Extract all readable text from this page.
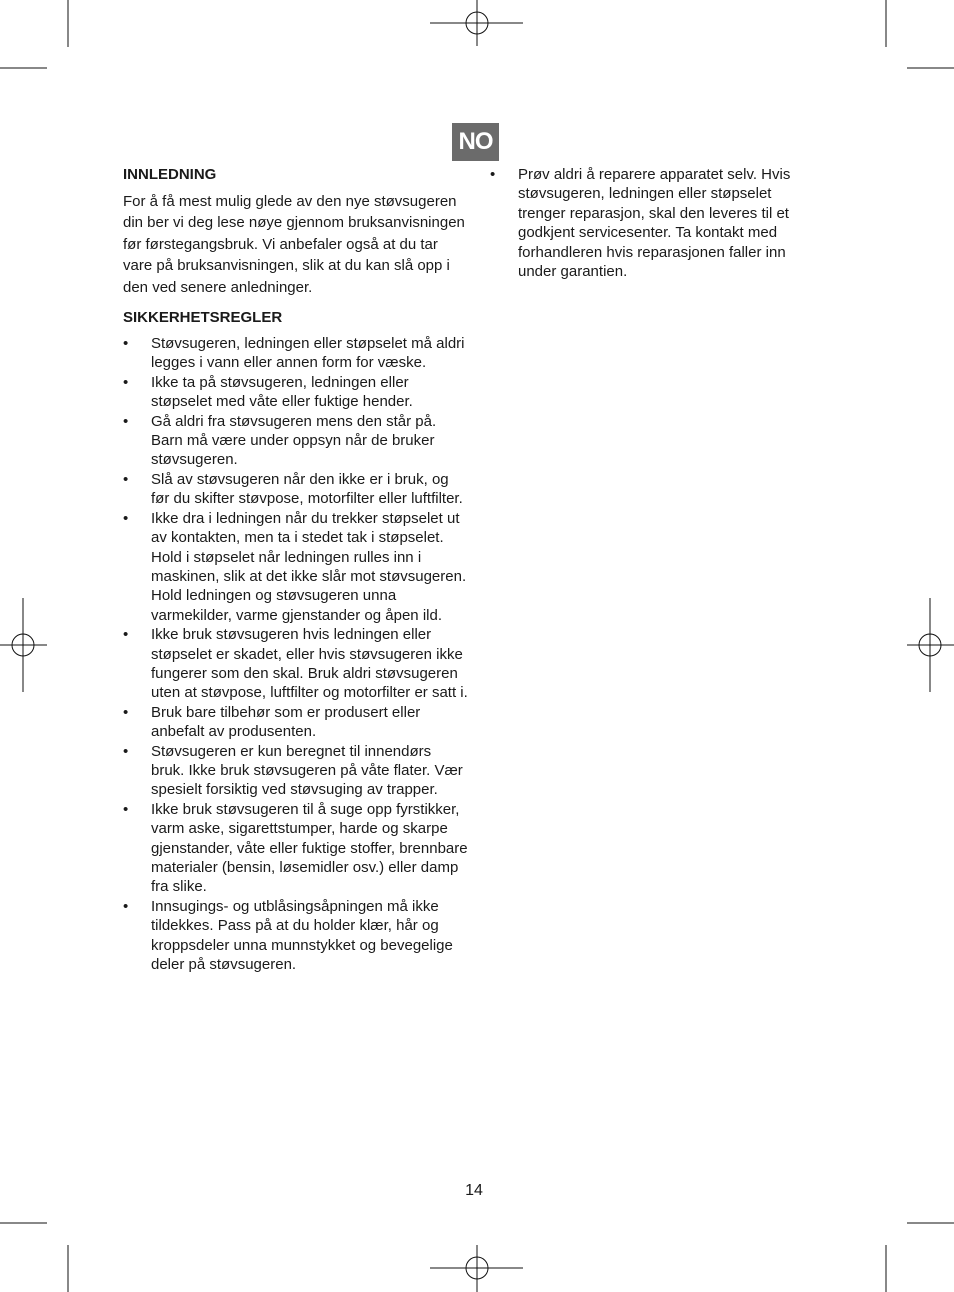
NO
INNLEDNING

For å få mest mulig glede av den nye støvsugeren din ber vi deg lese nøye gjennom bruksanvisningen før førstegangsbruk. Vi anbefaler også at du tar vare på bruksanvisningen, slik at du kan slå opp i den ved senere anledninger.

SIKKERHETSREGLER
• Støvsugeren, ledningen eller støpselet må aldri legges i vann eller annen form for væske.
• Ikke ta på støvsugeren, ledningen eller støpselet med våte eller fuktige hender.
• Gå aldri fra støvsugeren mens den står på. Barn må være under oppsyn når de bruker støvsugeren.
• Slå av støvsugeren når den ikke er i bruk, og før du skifter støvpose, motorfilter eller luftfilter.
• Ikke dra i ledningen når du trekker støpselet ut av kontakten, men ta i stedet tak i støpselet. Hold i støpselet når ledningen rulles inn i maskinen, slik at det ikke slår mot støvsugeren. Hold ledningen og støvsugeren unna varmekilder, varme gjenstander og åpen ild.
• Ikke bruk støvsugeren hvis ledningen eller støpselet er skadet, eller hvis støvsugeren ikke fungerer som den skal. Bruk aldri støvsugeren uten at støvpose, luftfilter og motorfilter er satt i.
• Bruk bare tilbehør som er produsert eller anbefalt av produsenten.
• Støvsugeren er kun beregnet til innendørs bruk. Ikke bruk støvsugeren på våte flater. Vær spesielt forsiktig ved støvsuging av trapper.
• Ikke bruk støvsugeren til å suge opp fyrstikker, varm aske, sigarettstumper, harde og skarpe gjenstander, våte eller fuktige stoffer, brennbare materialer (bensin, løsemidler osv.) eller damp fra slike.
• Innsugings- og utblåsingsåpningen må ikke tildekkes. Pass på at du holder klær, hår og kroppsdeler unna munnstykket og bevegelige deler på støvsugeren.
• Prøv aldri å reparere apparatet selv. Hvis støvsugeren, ledningen eller støpselet trenger reparasjon, skal den leveres til et godkjent servicesenter. Ta kontakt med forhandleren hvis reparasjonen faller inn under garantien.
14
